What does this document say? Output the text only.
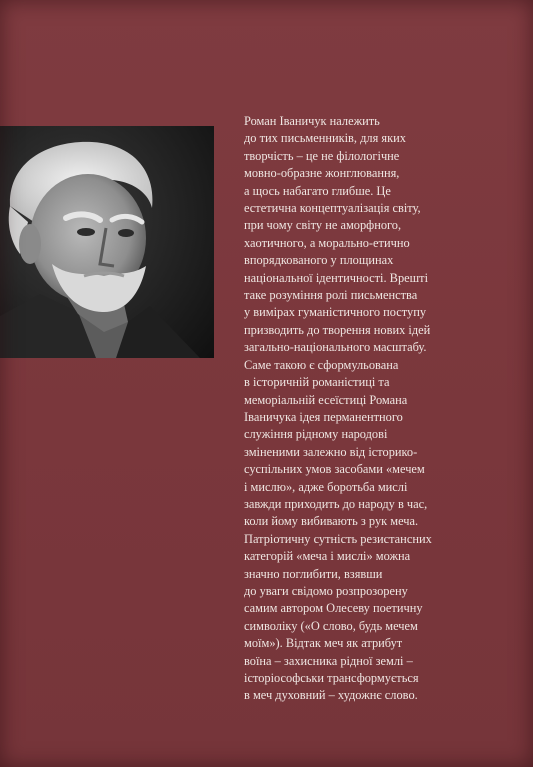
Роман Іваничук належить
до тих письменників, для яких
творчість – це не філологічне
мовно-образне жонглювання,
а щось набагато глибше. Це
естетична концептуалізація світу,
при чому світу не аморфного,
хаотичного, а морально-етично
впорядкованого у площинах
національної ідентичності. Врешті
таке розуміння ролі письменства
у вимірах гуманістичного поступу
призводить до творення нових ідей
загально-національного масштабу.
Саме такою є сформульована
в історичній романістиці та
меморіальній есеїстиці Романа
Іваничука ідея перманентного
служіння рідному народові
зміненими залежно від історико-
суспільних умов засобами «мечем
і мислю», адже боротьба мислі
завжди приходить до народу в час,
коли йому вибивають з рук меча.
Патріотичну сутність резистансних
категорій «меча і мислі» можна
значно поглибити, взявши
до уваги свідомо розпрозорену
самим автором Олесеву поетичну
символіку («О слово, будь мечем
моїм»). Відтак меч як атрибут
воїна – захисника рідної землі –
історіософськи трансформується
в меч духовний – художнє слово.
